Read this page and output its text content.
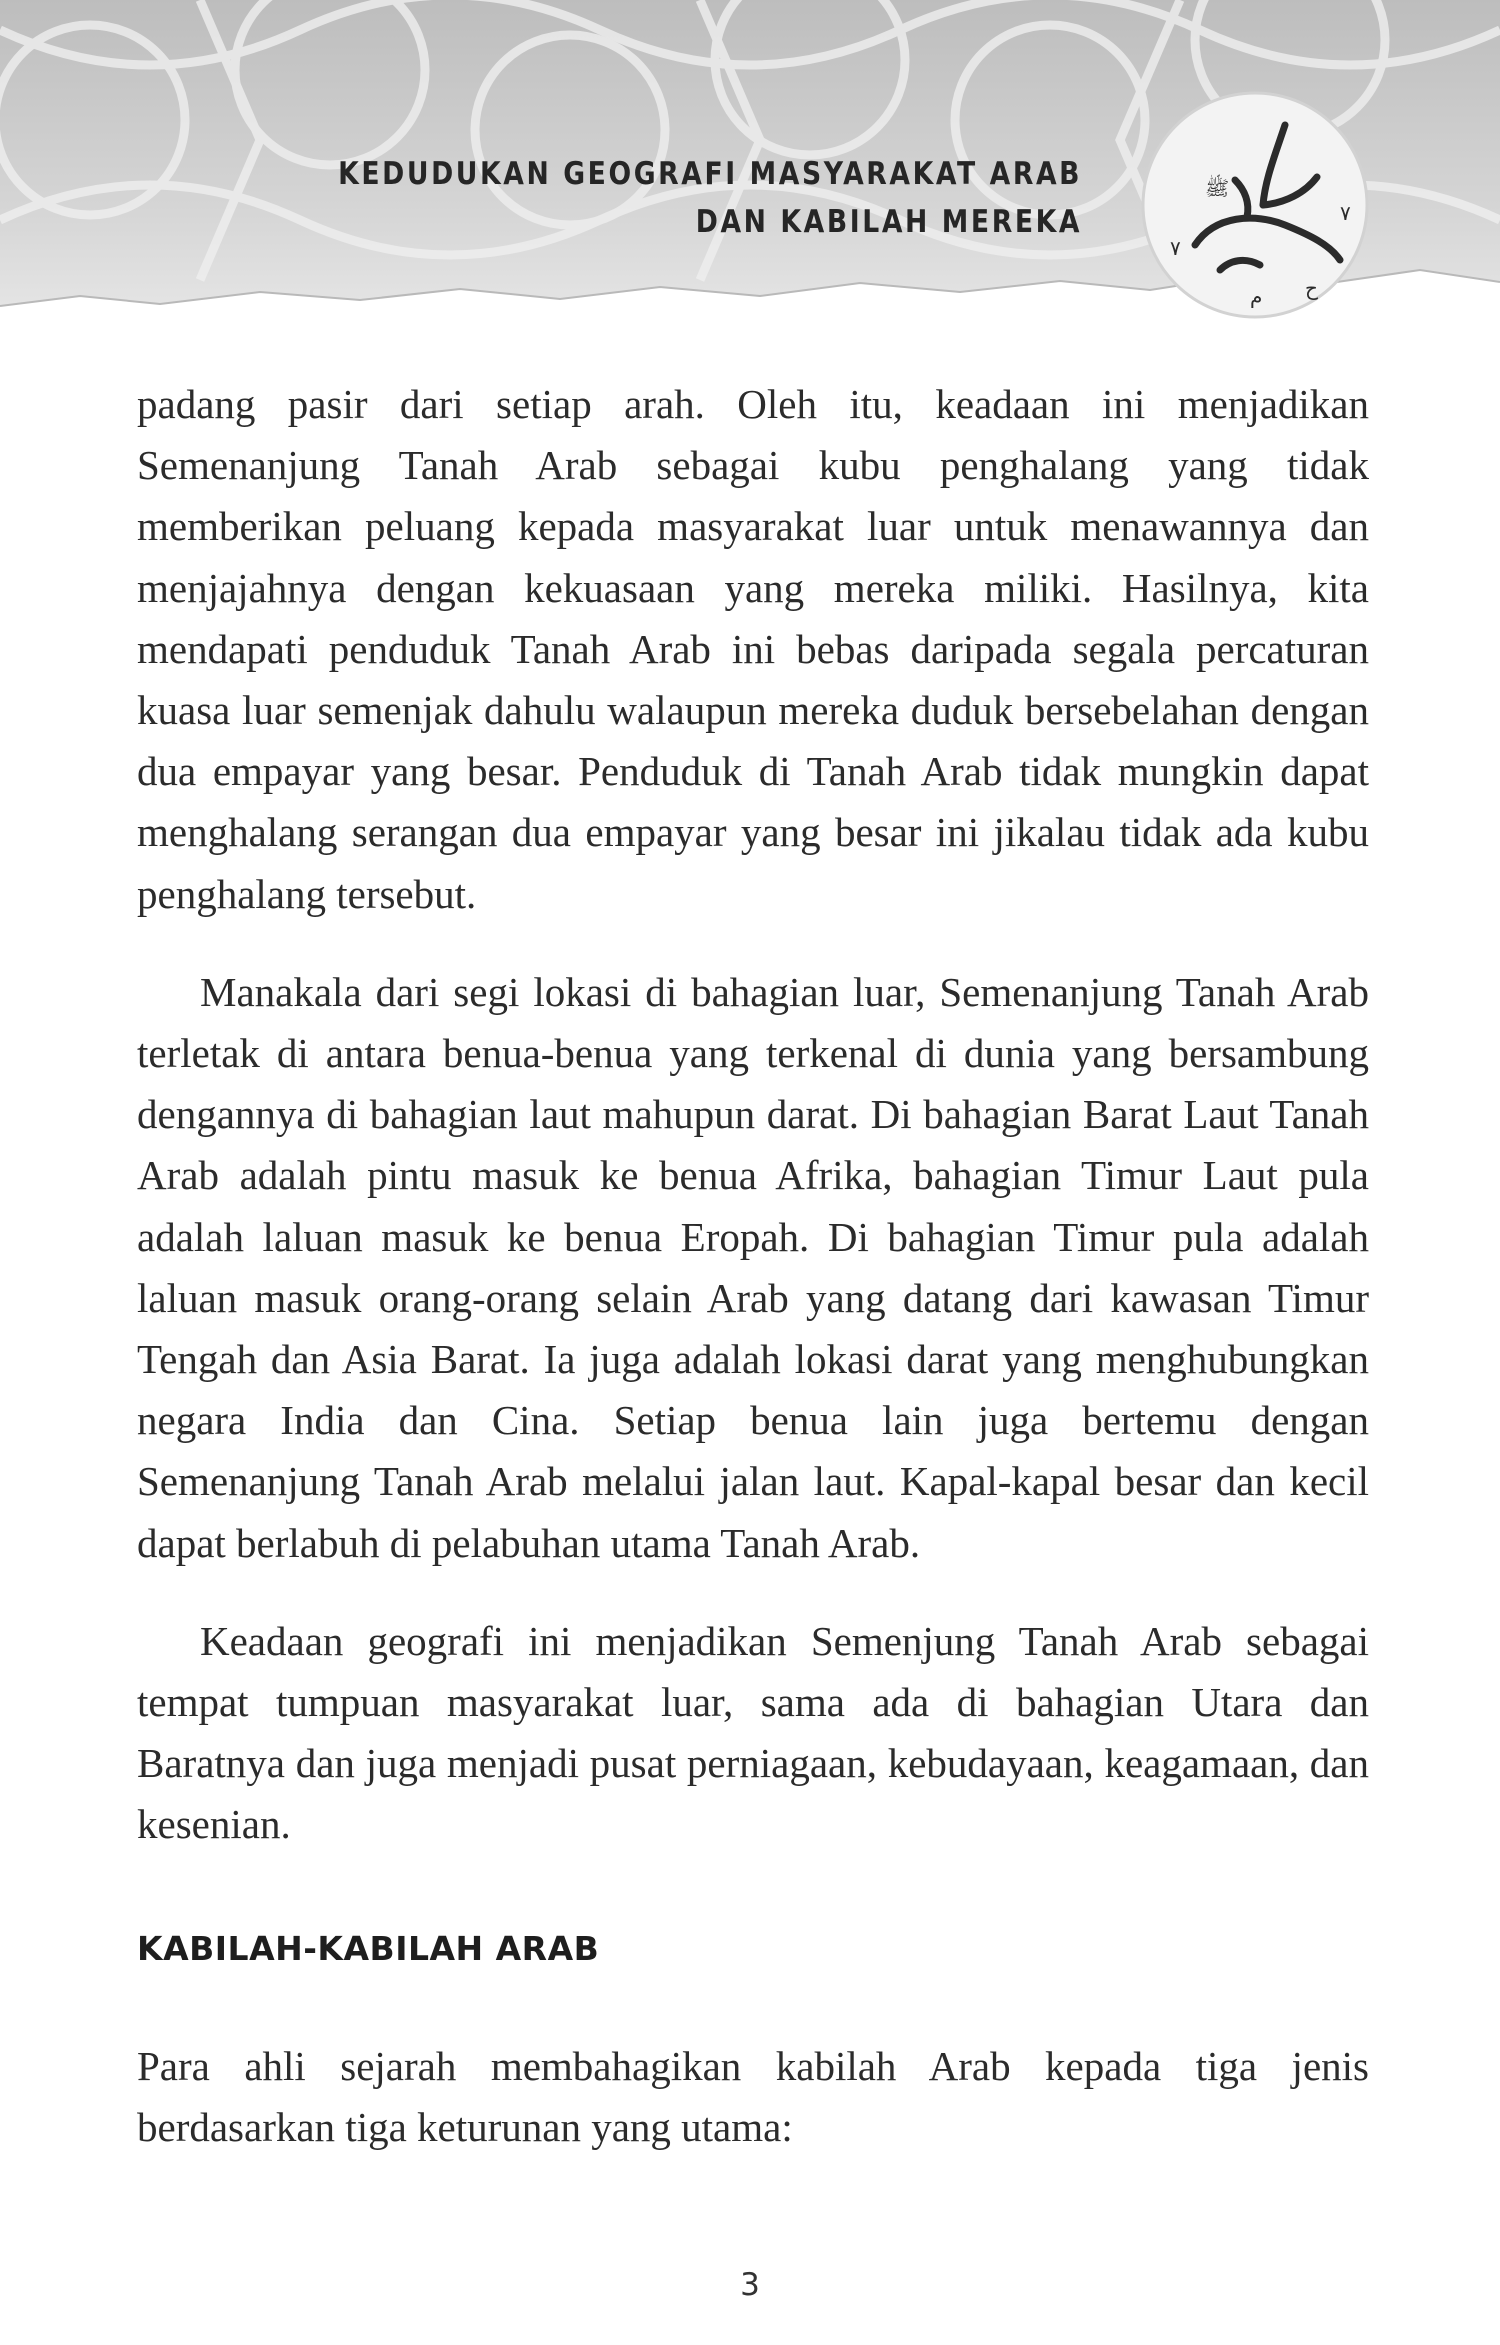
KEDUDUKAN GEOGRAFI MASYARAKAT ARAB
DAN KABILAH MEREKA
ﷺ
ح
م
٧
٧

padang pasir dari setiap arah. Oleh itu, keadaan ini menjadikan Semenanjung Tanah Arab sebagai kubu penghalang yang tidak memberikan peluang kepada masyarakat luar untuk menawannya dan menjajahnya dengan kekuasaan yang mereka miliki. Hasilnya, kita mendapati penduduk Tanah Arab ini bebas daripada segala percaturan kuasa luar semenjak dahulu walaupun mereka duduk bersebelahan dengan dua empayar yang besar. Penduduk di Tanah Arab tidak mungkin dapat menghalang serangan dua empayar yang besar ini jikalau tidak ada kubu penghalang tersebut.

Manakala dari segi lokasi di bahagian luar, Semenanjung Tanah Arab terletak di antara benua-benua yang terkenal di dunia yang bersambung dengannya di bahagian laut mahupun darat. Di bahagian Barat Laut Tanah Arab adalah pintu masuk ke benua Afrika, bahagian Timur Laut pula adalah laluan masuk ke benua Eropah. Di bahagian Timur pula adalah laluan masuk orang-orang selain Arab yang datang dari kawasan Timur Tengah dan Asia Barat. Ia juga adalah lokasi darat yang menghubungkan negara India dan Cina. Setiap benua lain juga bertemu dengan Semenanjung Tanah Arab melalui jalan laut. Kapal-kapal besar dan kecil dapat berlabuh di pelabuhan utama Tanah Arab.

Keadaan geografi ini menjadikan Semenjung Tanah Arab sebagai tempat tumpuan masyarakat luar, sama ada di bahagian Utara dan Baratnya dan juga menjadi pusat perniagaan, kebudayaan, keagamaan, dan kesenian.

KABILAH-KABILAH ARAB

Para ahli sejarah membahagikan kabilah Arab kepada tiga jenis berdasarkan tiga keturunan yang utama:

3
